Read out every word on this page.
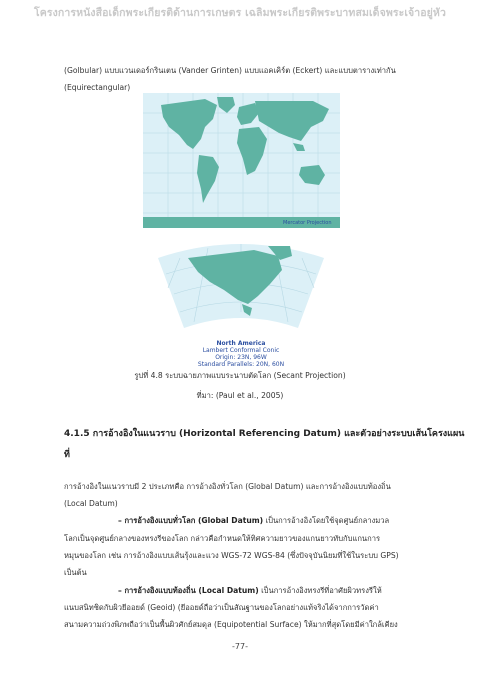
โครงการหนังสือเด็กพระเกียรติด้านการเกษตร เฉลิมพระเกียรติพระบาทสมเด็จพระเจ้าอยู่หัว
(Golbular) แบบแวนเดอร์กรินเตน (Vander Grinten) แบบแอคเคิร์ต (Eckert) และแบบตารางเท่ากัน
(Equirectangular)
Mercator Projection
North America
Lambert Conformal Conic
Origin: 23N, 96W
Standard Parallels: 20N, 60N
รูปที่ 4.8 ระบบฉายภาพแบบระนาบตัดโลก (Secant Projection)
ที่มา: (Paul et al., 2005)
4.1.5 การอ้างอิงในแนวราบ (Horizontal Referencing Datum) และตัวอย่างระบบเส้นโครงแผน
ที่
การอ้างอิงในแนวราบมี 2 ประเภทคือ การอ้างอิงทั่วโลก (Global Datum) และการอ้างอิงแบบท้องถิ่น
(Local Datum)
– การอ้างอิงแบบทั่วโลก (Global Datum) เป็นการอ้างอิงโดยใช้จุดศูนย์กลางมวล
โลกเป็นจุดศูนย์กลางของทรงรีของโลก กล่าวคือกำหนดให้ทิศความยาวของแกนยาวทับกับแกนการ
หมุนของโลก เช่น การอ้างอิงแบบเส้นรุ้งและแวง WGS-72 WGS-84 (ซึ่งปัจจุบันนิยมที่ใช้ในระบบ GPS)
เป็นต้น
– การอ้างอิงแบบท้องถิ่น (Local Datum) เป็นการอ้างอิงทรงรีที่อาศัยผิวทรงรีให้
แนบสนิทชิดกับผิวยีออยด์ (Geoid) (ยีออยด์ถือว่าเป็นสัณฐานของโลกอย่างแท้จริงได้จากการวัดค่า
สนามความถ่วงพิภพถือว่าเป็นพื้นผิวศักย์สมดุล (Equipotential Surface) ให้มากที่สุดโดยมีค่าใกล้เคียง
-77-
